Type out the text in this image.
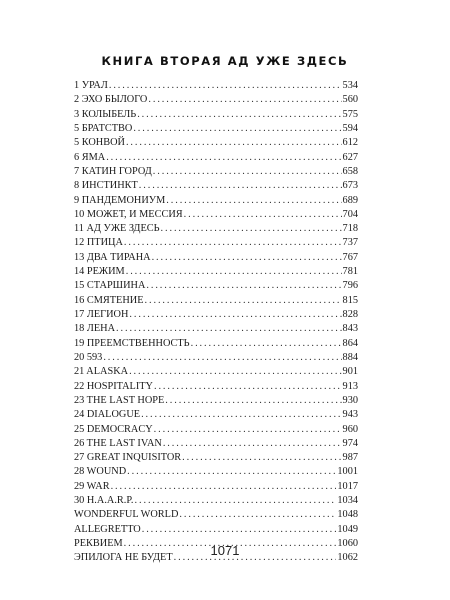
КНИГА ВТОРАЯ АД УЖЕ ЗДЕСЬ
1 УРАЛ .....	534
2 ЭХО БЫЛОГО .....	560
3 КОЛЫБЕЛЬ .....	575
5 БРАТСТВО .....	594
5 КОНВОЙ .....	612
6 ЯМА .....	627
7 КАТИН ГОРОД .....	658
8 ИНСТИНКТ .....	673
9 ПАНДЕМОНИУМ .....	689
10 МОЖЕТ, И МЕССИЯ .....	704
11 АД УЖЕ ЗДЕСЬ .....	718
12 ПТИЦА .....	737
13 ДВА ТИРАНА .....	767
14 РЕЖИМ .....	781
15 СТАРШИНА .....	796
16 СМЯТЕНИЕ .....	815
17 ЛЕГИОН .....	828
18 ЛЕНА .....	843
19 ПРЕЕМСТВЕННОСТЬ .....	864
20 593 .....	884
21 ALASKA .....	901
22 HOSPITALITY .....	913
23 THE LAST HOPE .....	930
24 DIALOGUE .....	943
25 DEMOCRACY .....	960
26 THE LAST IVAN .....	974
27 GREAT INQUISITOR .....	987
28 WOUND .....	1001
29 WAR .....	1017
30 H.A.A.R.P. .....	1034
WONDERFUL WORLD .....	1048
ALLEGRETTO .....	1049
РЕКВИЕМ .....	1060
ЭПИЛОГА НЕ БУДЕТ .....	1062
1071
